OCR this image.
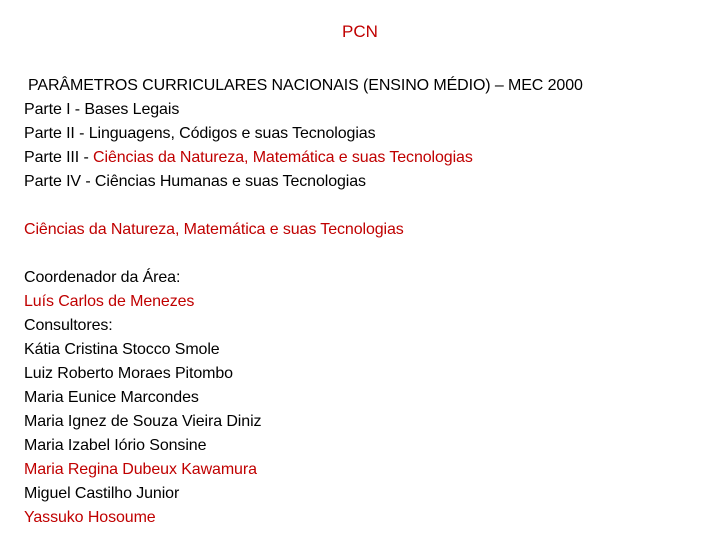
PCN
PARÂMETROS CURRICULARES NACIONAIS (ENSINO MÉDIO) – MEC 2000
Parte I - Bases Legais
Parte II - Linguagens, Códigos e suas Tecnologias
Parte III - Ciências da Natureza, Matemática e suas Tecnologias
Parte IV - Ciências Humanas e suas Tecnologias
Ciências da Natureza, Matemática e suas Tecnologias
Coordenador da Área:
Luís Carlos de Menezes
Consultores:
Kátia Cristina Stocco Smole
Luiz Roberto Moraes Pitombo
Maria Eunice Marcondes
Maria Ignez de Souza Vieira Diniz
Maria Izabel Iório Sonsine
Maria Regina Dubeux Kawamura
Miguel Castilho Junior
Yassuko Hosoume
